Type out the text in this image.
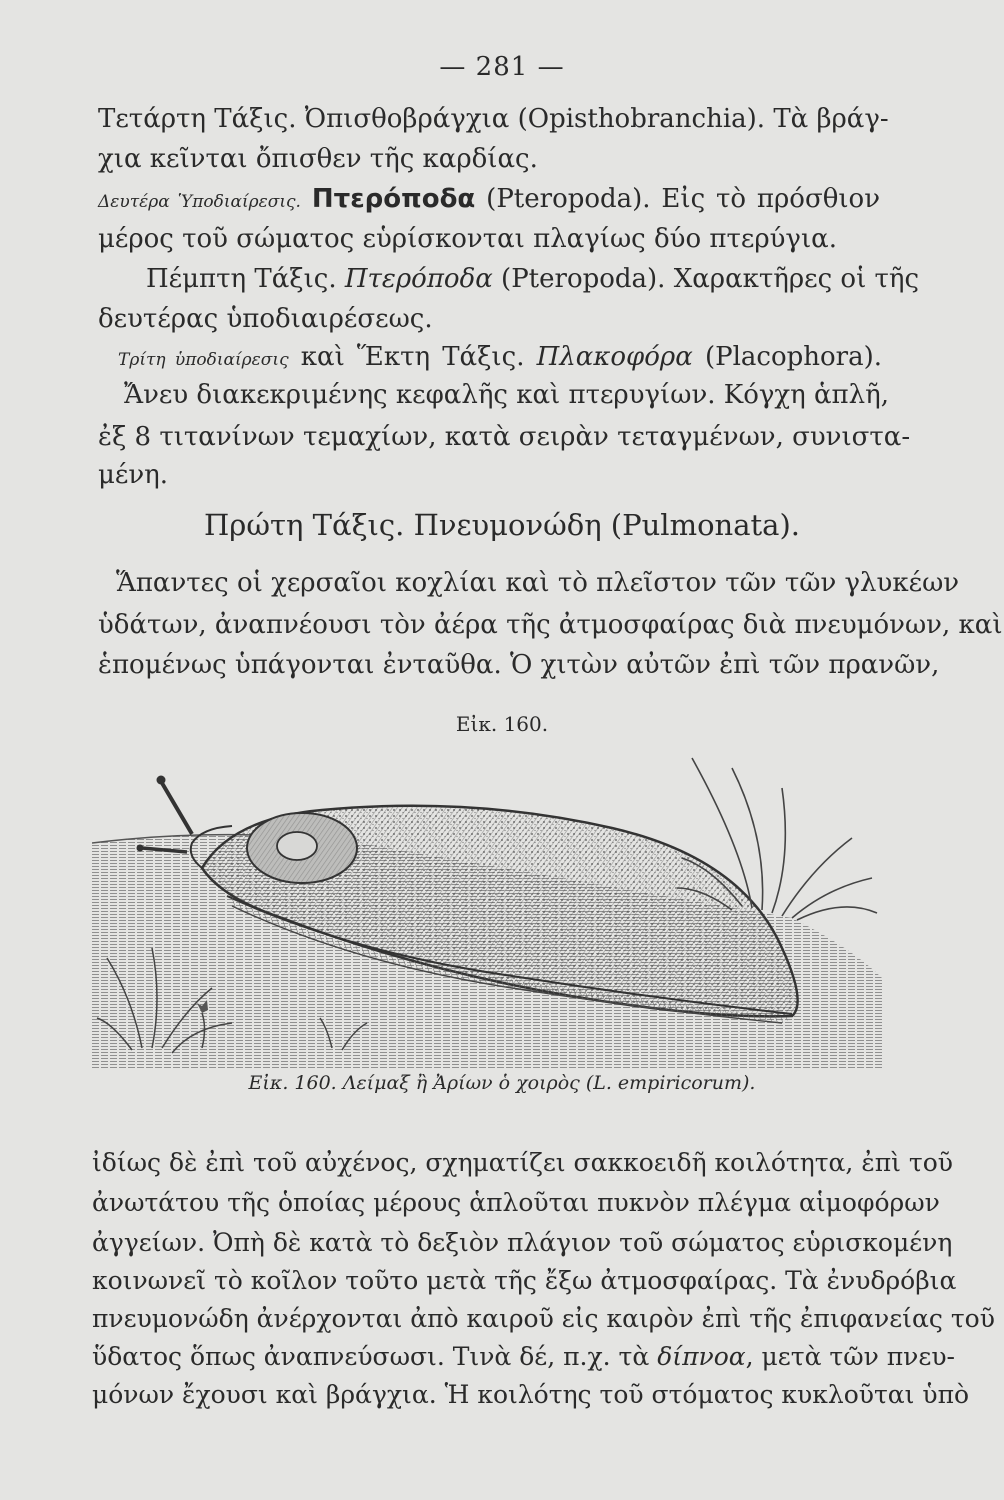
— 281 —
Τετάρτη Τάξις. Ὀπισθοβράγχια (Opisthobranchia). Τὰ βράγ-
χια κεῖνται ὄπισθεν τῆς καρδίας.
Δευτέρα Ὑποδιαίρεσις. Πτερόποδα (Pteropoda). Εἰς τὸ πρόσθιον
μέρος τοῦ σώματος εὑρίσκονται πλαγίως δύο πτερύγια.
Πέμπτη Τάξις. Πτερόποδα (Pteropoda). Χαρακτῆρες οἱ τῆς
δευτέρας ὑποδιαιρέσεως.
Τρίτη ὑποδιαίρεσις καὶ Ἕκτη Τάξις. Πλακοφόρα (Placophora).
Ἄνευ διακεκριμένης κεφαλῆς καὶ πτερυγίων. Κόγχη ἁπλῆ,
ἐξ 8 τιτανίνων τεμαχίων, κατὰ σειρὰν τεταγμένων, συνιστα-
μένη.
Πρώτη Τάξις. Πνευμονώδη (Pulmonata).
Ἅπαντες οἱ χερσαῖοι κοχλίαι καὶ τὸ πλεῖστον τῶν τῶν γλυκέων
ὑδάτων, ἀναπνέουσι τὸν ἀέρα τῆς ἀτμοσφαίρας διὰ πνευμόνων, καὶ
ἑπομένως ὑπάγονται ἐνταῦθα. Ὁ χιτὼν αὐτῶν ἐπὶ τῶν πρανῶν,
Εἰκ. 160.
Εἰκ. 160. Λείμαξ ἢ Ἀρίων ὁ χοιρὸς (L. empiricorum).
ἰδίως δὲ ἐπὶ τοῦ αὐχένος, σχηματίζει σακκοειδῆ κοιλότητα, ἐπὶ τοῦ
ἀνωτάτου τῆς ὁποίας μέρους ἁπλοῦται πυκνὸν πλέγμα αἱμοφόρων
ἀγγείων. Ὀπὴ δὲ κατὰ τὸ δεξιὸν πλάγιον τοῦ σώματος εὑρισκομένη
κοινωνεῖ τὸ κοῖλον τοῦτο μετὰ τῆς ἔξω ἀτμοσφαίρας. Τὰ ἐνυδρόβια
πνευμονώδη ἀνέρχονται ἀπὸ καιροῦ εἰς καιρὸν ἐπὶ τῆς ἐπιφανείας τοῦ
ὕδατος ὅπως ἀναπνεύσωσι. Τινὰ δέ, π.χ. τὰ δίπνοα, μετὰ τῶν πνευ-
μόνων ἔχουσι καὶ βράγχια. Ἡ κοιλότης τοῦ στόματος κυκλοῦται ὑπὸ
